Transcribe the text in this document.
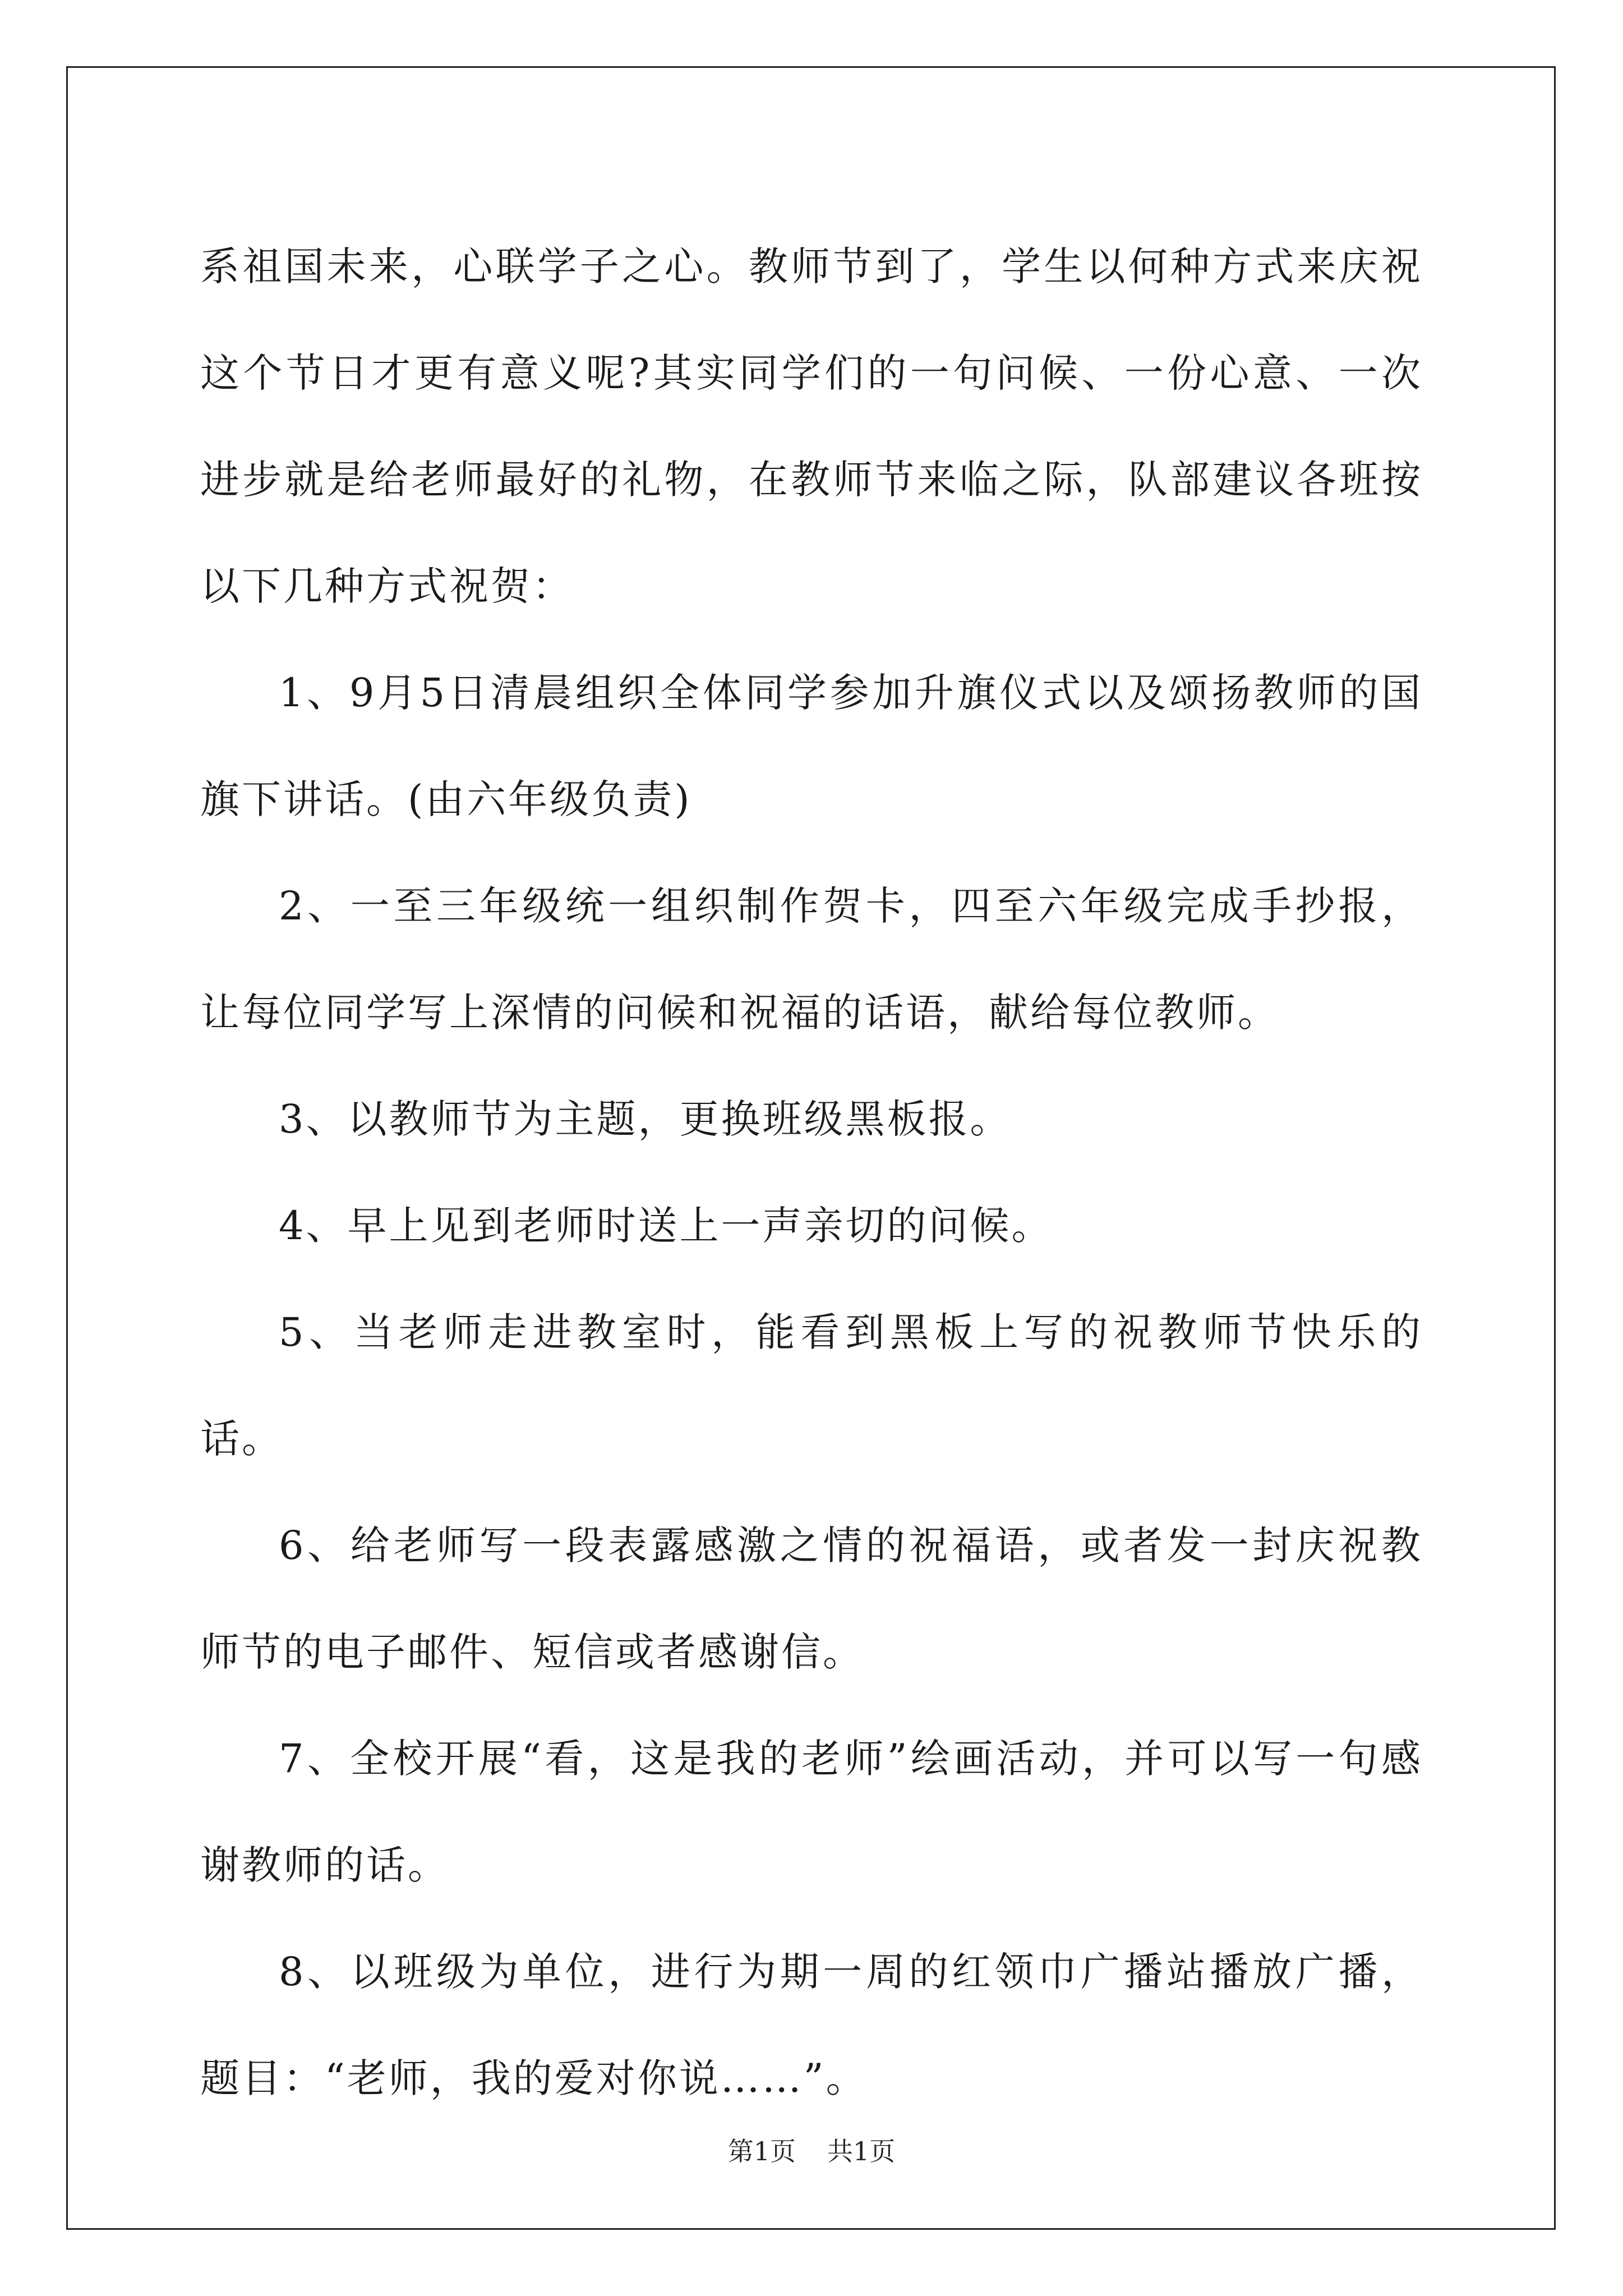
系祖国未来，心联学子之心。教师节到了，学生以何种方式来庆祝这个节日才更有意义呢?其实同学们的一句问候、一份心意、一次进步就是给老师最好的礼物，在教师节来临之际，队部建议各班按以下几种方式祝贺：

1、9月5日清晨组织全体同学参加升旗仪式以及颂扬教师的国旗下讲话。(由六年级负责)

2、一至三年级统一组织制作贺卡，四至六年级完成手抄报，让每位同学写上深情的问候和祝福的话语，献给每位教师。

3、以教师节为主题，更换班级黑板报。

4、早上见到老师时送上一声亲切的问候。

5、当老师走进教室时，能看到黑板上写的祝教师节快乐的话。

6、给老师写一段表露感激之情的祝福语，或者发一封庆祝教师节的电子邮件、短信或者感谢信。

7、全校开展“看，这是我的老师”绘画活动，并可以写一句感谢教师的话。

8、以班级为单位，进行为期一周的红领巾广播站播放广播，题目：“老师，我的爱对你说……”。

第1页 共1页
